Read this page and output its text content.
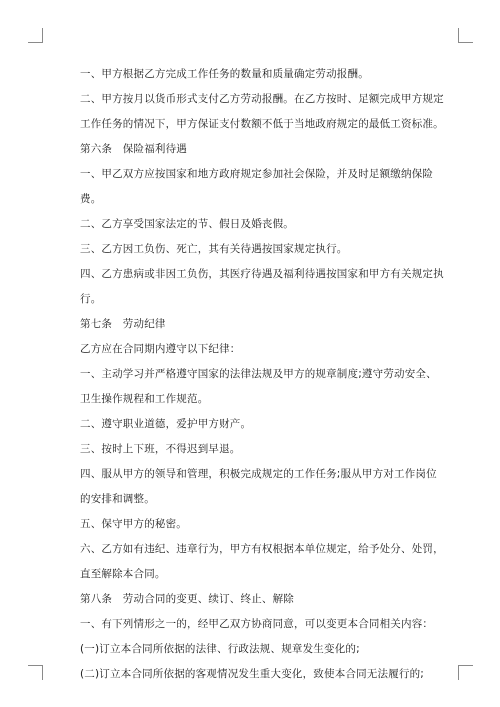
一、甲方根据乙方完成工作任务的数量和质量确定劳动报酬。

二、甲方按月以货币形式支付乙方劳动报酬。在乙方按时、足额完成甲方规定工作任务的情况下，甲方保证支付数额不低于当地政府规定的最低工资标准。

第六条　保险福利待遇

一、甲乙双方应按国家和地方政府规定参加社会保险，并及时足额缴纳保险费。

二、乙方享受国家法定的节、假日及婚丧假。

三、乙方因工负伤、死亡，其有关待遇按国家规定执行。

四、乙方患病或非因工负伤，其医疗待遇及福利待遇按国家和甲方有关规定执行。

第七条　劳动纪律

乙方应在合同期内遵守以下纪律：

一、主动学习并严格遵守国家的法律法规及甲方的规章制度;遵守劳动安全、卫生操作规程和工作规范。

二、遵守职业道德，爱护甲方财产。

三、按时上下班，不得迟到早退。

四、服从甲方的领导和管理，积极完成规定的工作任务;服从甲方对工作岗位的安排和调整。

五、保守甲方的秘密。

六、乙方如有违纪、违章行为，甲方有权根据本单位规定，给予处分、处罚，直至解除本合同。

第八条　劳动合同的变更、续订、终止、解除

一、有下列情形之一的，经甲乙双方协商同意，可以变更本合同相关内容：

(一)订立本合同所依据的法律、行政法规、规章发生变化的;

(二)订立本合同所依据的客观情况发生重大变化，致使本合同无法履行的;
